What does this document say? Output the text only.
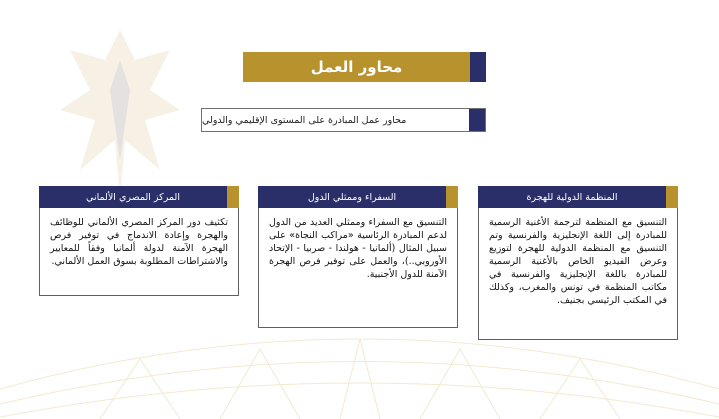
محاور العمل
محاور عمل المبادرة على المستوى الإقليمي والدولي
المركز المصري الألماني
تكثيف دور المركز المصري الألماني للوظائف والهجرة وإعادة الاندماج في توفير فرص الهجرة الآمنة لدولة ألمانيا وفقاً للمعايير والاشتراطات المطلوبة بسوق العمل الألماني.
السفراء وممثلي الدول
التنسيق مع السفراء وممثلي العديد من الدول لدعم المبادرة الرئاسية «مراكب النجاة» على سبيل المثال (ألمانيا - هولندا - صربيا - الإتحاد الأوروبي..)، والعمل على توفير فرص الهجرة الآمنة للدول الأجنبية.
المنظمة الدولية للهجرة
التنسيق مع المنظمة لترجمة الأغنية الرسمية للمبادرة إلى اللغة الإنجليزية والفرنسية وتم التنسيق مع المنظمة الدولية للهجرة لتوزيع وعرض الفيديو الخاص بالأغنية الرسمية للمبادرة باللغة الإنجليزية والفرنسية في مكاتب المنظمة في تونس والمغرب، وكذلك في المكتب الرئيسي بجنيف.
